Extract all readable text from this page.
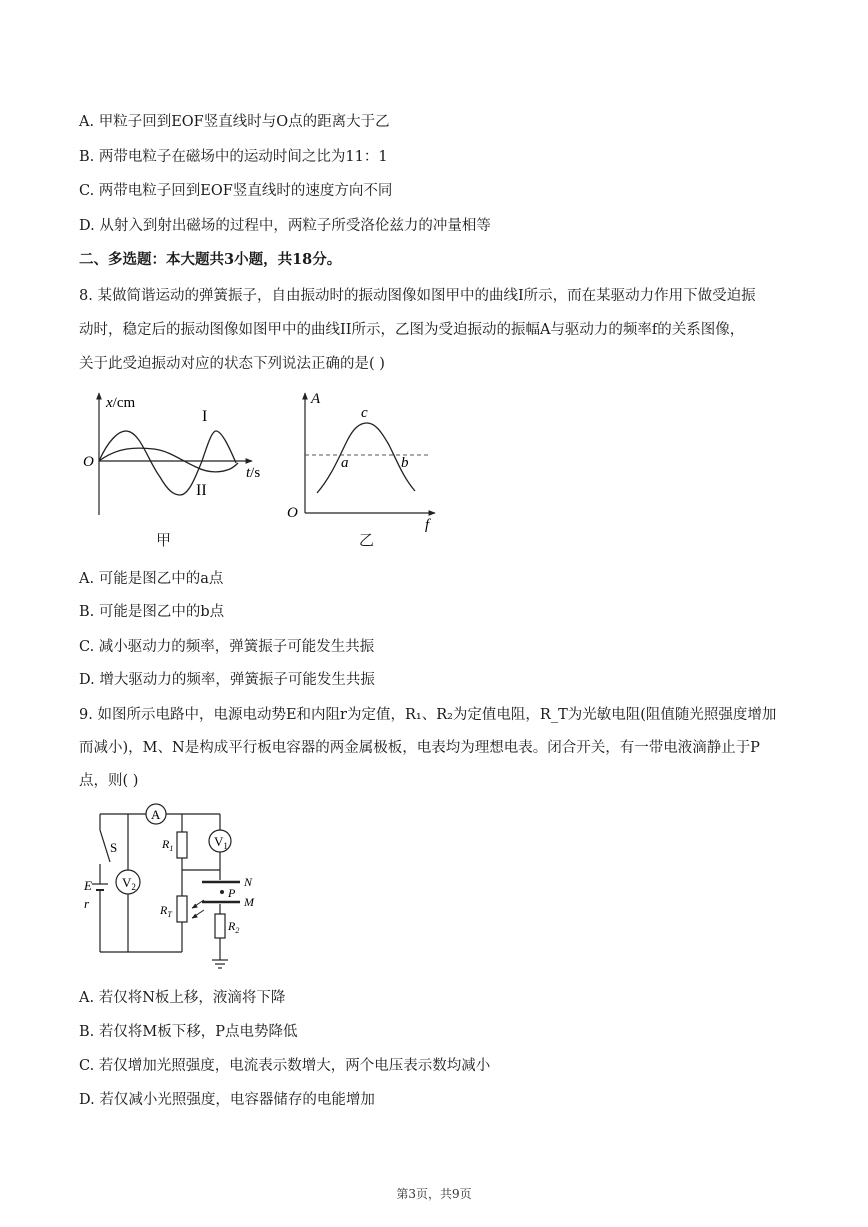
A. 甲粒子回到EOF竖直线时与O点的距离大于乙
B. 两带电粒子在磁场中的运动时间之比为11：1
C. 两带电粒子回到EOF竖直线时的速度方向不同
D. 从射入到射出磁场的过程中，两粒子所受洛伦兹力的冲量相等
二、多选题：本大题共3小题，共18分。
8. 某做简谐运动的弹簧振子，自由振动时的振动图像如图甲中的曲线I所示，而在某驱动力作用下做受迫振
动时，稳定后的振动图像如图甲中的曲线II所示，乙图为受迫振动的振幅A与驱动力的频率f的关系图像，
关于此受迫振动对应的状态下列说法正确的是( )
x/cm
t/s
O
I
II
甲
A
f
O
a	b
c
乙
A. 可能是图乙中的a点
B. 可能是图乙中的b点
C. 减小驱动力的频率，弹簧振子可能发生共振
D. 增大驱动力的频率，弹簧振子可能发生共振
9. 如图所示电路中，电源电动势E和内阻r为定值，R₁、R₂为定值电阻，R_T为光敏电阻(阻值随光照强度增加
而减小)，M、N是构成平行板电容器的两金属极板，电表均为理想电表。闭合开关，有一带电液滴静止于P
点，则( )
A
$V_2$
$V_1$
$R_1$
$R_T$
$R_2$
P
N
M
S
E
r
A. 若仅将N板上移，液滴将下降
B. 若仅将M板下移，P点电势降低
C. 若仅增加光照强度，电流表示数增大，两个电压表示数均减小
D. 若仅减小光照强度，电容器储存的电能增加
第3页，共9页
